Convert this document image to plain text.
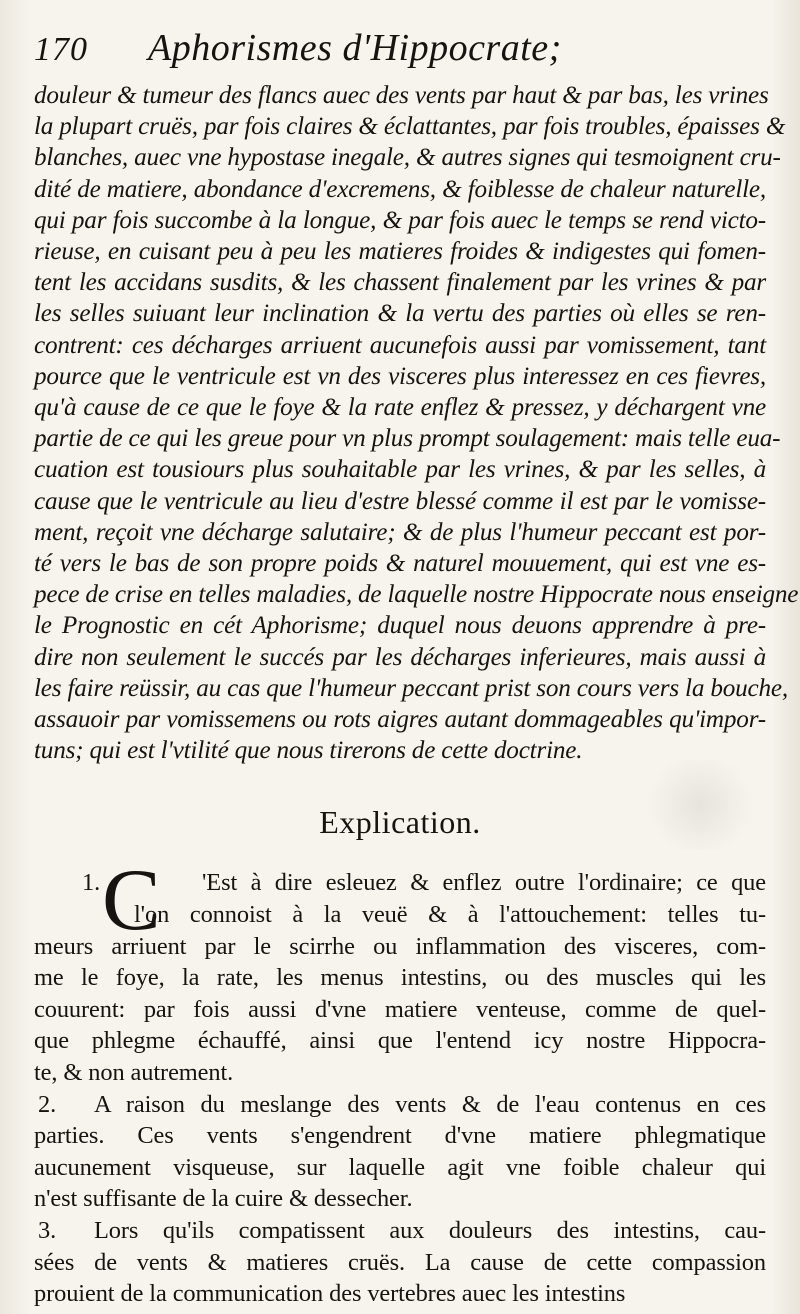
170	Aphorismes d'Hippocrate;
douleur & tumeur des flancs auec des vents par haut & par bas, les vrines
la plupart cruës, par fois claires & éclattantes, par fois troubles, épaisses &
blanches, auec vne hypostase inegale, & autres signes qui tesmoignent cru-
dité de matiere, abondance d'excremens, & foiblesse de chaleur naturelle,
qui par fois succombe à la longue, & par fois auec le temps se rend victo-
rieuse, en cuisant peu à peu les matieres froides & indigestes qui fomen-
tent les accidans susdits, & les chassent finalement par les vrines & par
les selles suiuant leur inclination & la vertu des parties où elles se ren-
contrent: ces décharges arriuent aucunefois aussi par vomissement, tant
pource que le ventricule est vn des visceres plus interessez en ces fievres,
qu'à cause de ce que le foye & la rate enflez & pressez, y déchargent vne
partie de ce qui les greue pour vn plus prompt soulagement: mais telle eua-
cuation est tousiours plus souhaitable par les vrines, & par les selles, à
cause que le ventricule au lieu d'estre blessé comme il est par le vomisse-
ment, reçoit vne décharge salutaire; & de plus l'humeur peccant est por-
té vers le bas de son propre poids & naturel mouuement, qui est vne es-
pece de crise en telles maladies, de laquelle nostre Hippocrate nous enseigne
le Prognostic en cét Aphorisme; duquel nous deuons apprendre à pre-
dire non seulement le succés par les décharges inferieures, mais aussi à
les faire reüssir, au cas que l'humeur peccant prist son cours vers la bouche,
assauoir par vomissemens ou rots aigres autant dommageables qu'impor-
tuns; qui est l'vtilité que nous tirerons de cette doctrine.
Explication.
1. C 'Est à dire esleuez & enflez outre l'ordinaire; ce que
l'on connoist à la veuë & à l'attouchement: telles tu-
meurs arriuent par le scirrhe ou inflammation des visceres, com-
me le foye, la rate, les menus intestins, ou des muscles qui les
couurent: par fois aussi d'vne matiere venteuse, comme de quel-
que phlegme échauffé, ainsi que l'entend icy nostre Hippocra-
te, & non autrement.
2. A raison du meslange des vents & de l'eau contenus en ces
parties. Ces vents s'engendrent d'vne matiere phlegmatique
aucunement visqueuse, sur laquelle agit vne foible chaleur qui
n'est suffisante de la cuire & dessecher.
3. Lors qu'ils compatissent aux douleurs des intestins, cau-
sées de vents & matieres cruës. La cause de cette compassion
prouient de la communication des vertebres auec les intestins
